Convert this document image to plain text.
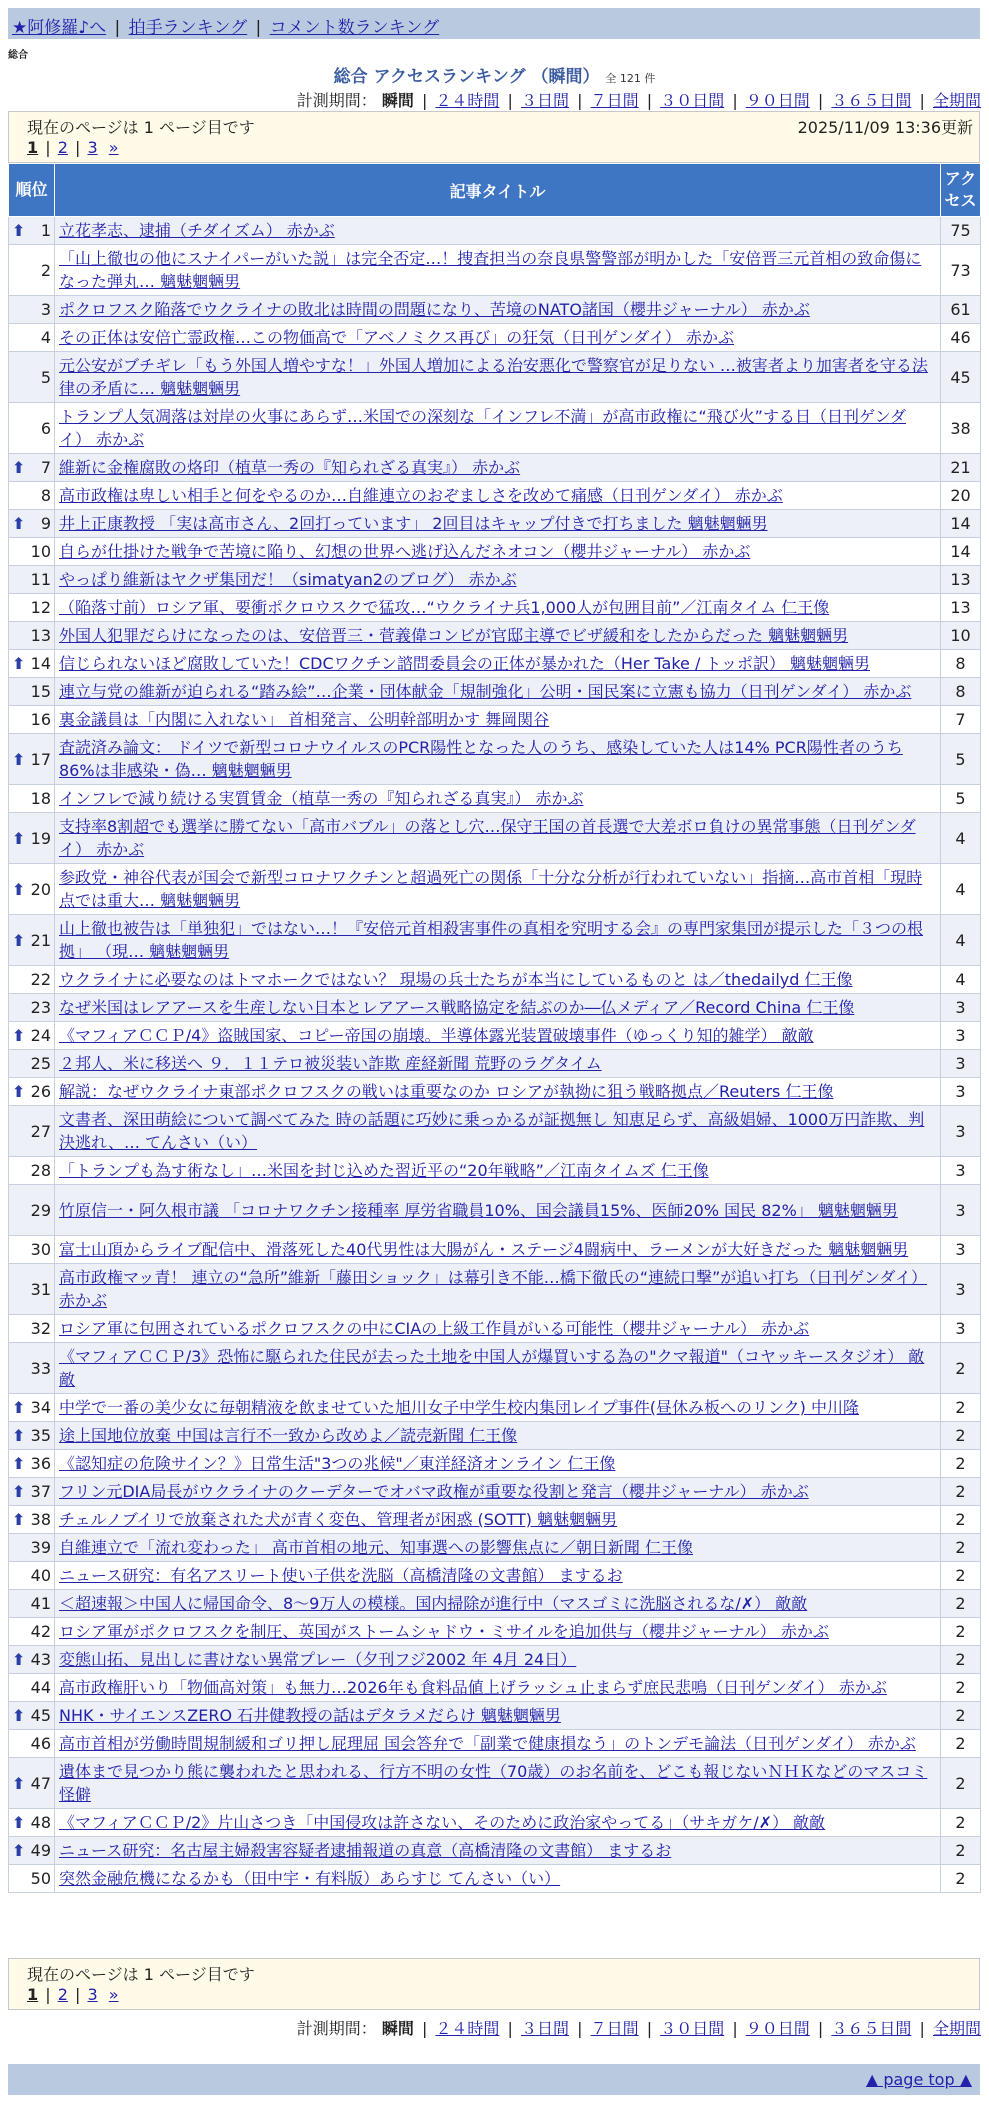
★阿修羅♪へ | 拍手ランキング | コメント数ランキング
総合
総合 アクセスランキング （瞬間） 全 121 件
計測期間： 瞬間 | ２４時間 | ３日間 | ７日間 | ３０日間 | ９０日間 | ３６５日間 | 全期間
現在のページは 1 ページ目です	2025/11/09 13:36更新
1 | 2 | 3 »
順位	記事タイトル	アクセス

⬆ 1	立花孝志、逮捕（チダイズム） 赤かぶ	75
2	「山上徹也の他にスナイパーがいた説」は完全否定…！捜査担当の奈良県警警部が明かした「安倍晋三元首相の致命傷になった弾丸… 魑魅魍魎男	73
3	ポクロフスク陥落でウクライナの敗北は時間の問題になり、苦境のNATO諸国（櫻井ジャーナル） 赤かぶ	61
4	その正体は安倍亡霊政権…この物価高で「アベノミクス再び」の狂気（日刊ゲンダイ） 赤かぶ	46
5	元公安がブチギレ「もう外国人増やすな！」外国人増加による治安悪化で警察官が足りない …被害者より加害者を守る法律の矛盾に… 魑魅魍魎男	45
6	トランプ人気凋落は対岸の火事にあらず…米国での深刻な「インフレ不満」が高市政権に“飛び火”する日（日刊ゲンダイ） 赤かぶ	38

⬆ 7	維新に金権腐敗の烙印（植草一秀の『知られざる真実』） 赤かぶ	21
8	高市政権は卑しい相手と何をやるのか…自維連立のおぞましさを改めて痛感（日刊ゲンダイ） 赤かぶ	20

⬆ 9	井上正康教授 「実は高市さん、2回打っています」 2回目はキャップ付きで打ちました 魑魅魍魎男	14
10	自らが仕掛けた戦争で苦境に陥り、幻想の世界へ逃げ込んだネオコン（櫻井ジャーナル） 赤かぶ	14
11	やっぱり維新はヤクザ集団だ！（simatyan2のブログ） 赤かぶ	13
12	（陥落寸前）ロシア軍、要衝ポクロウスクで猛攻…“ウクライナ兵1,000人が包囲目前”／江南タイム 仁王像	13
13	外国人犯罪だらけになったのは、安倍晋三・菅義偉コンビが官邸主導でビザ緩和をしたからだった 魑魅魍魎男	10

⬆ 14	信じられないほど腐敗していた！CDCワクチン諮問委員会の正体が暴かれた（Her Take / トッポ訳） 魑魅魍魎男	8
15	連立与党の維新が迫られる“踏み絵”…企業・団体献金「規制強化」公明・国民案に立憲も協力（日刊ゲンダイ） 赤かぶ	8
16	裏金議員は「内閣に入れない」 首相発言、公明幹部明かす 舞岡関谷	7

⬆ 17	査読済み論文： ドイツで新型コロナウイルスのPCR陽性となった人のうち、感染していた人は14% PCR陽性者のうち86%は非感染・偽… 魑魅魍魎男	5
18	インフレで減り続ける実質賃金（植草一秀の『知られざる真実』） 赤かぶ	5

⬆ 19	支持率8割超でも選挙に勝てない「高市バブル」の落とし穴…保守王国の首長選で大差ボロ負けの異常事態（日刊ゲンダイ） 赤かぶ	4

⬆ 20	参政党・神谷代表が国会で新型コロナワクチンと超過死亡の関係「十分な分析が行われていない」指摘…高市首相「現時点では重大… 魑魅魍魎男	4

⬆ 21	山上徹也被告は「単独犯」ではない…！『安倍元首相殺害事件の真相を究明する会』の専門家集団が提示した「３つの根拠」 （現… 魑魅魍魎男	4
22	ウクライナに必要なのはトマホークではない？ 現場の兵士たちが本当にしているものと は／thedailyd 仁王像	4
23	なぜ米国はレアアースを生産しない日本とレアアース戦略協定を結ぶのか―仏メディア／Record China 仁王像	3

⬆ 24	《マフィアＣＣＰ/4》盗賊国家、コピー帝国の崩壊。半導体露光装置破壊事件（ゆっくり知的雑学） 敵敵	3
25	２邦人、米に移送へ ９．１１テロ被災装い詐欺 産経新聞 荒野のラグタイム	3

⬆ 26	解説：なぜウクライナ東部ポクロフスクの戦いは重要なのか ロシアが執拗に狙う戦略拠点／Reuters 仁王像	3
27	文書者、深田萌絵について調べてみた 時の話題に巧妙に乗っかるが証拠無し 知恵足らず、高級娼婦、1000万円詐欺、判決逃れ、… てんさい（い）	3
28	「トランプも為す術なし」…米国を封じ込めた習近平の“20年戦略”／江南タイムズ 仁王像	3
29	竹原信一・阿久根市議 「コロナワクチン接種率 厚労省職員10%、国会議員15%、医師20% 国民 82%」 魑魅魍魎男	3
30	富士山頂からライブ配信中、滑落死した40代男性は大腸がん・ステージ4闘病中、ラーメンが大好きだった 魑魅魍魎男	3
31	高市政権マッ青！ 連立の“急所”維新「藤田ショック」は幕引き不能…橋下徹氏の“連続口撃”が追い打ち（日刊ゲンダイ） 赤かぶ	3
32	ロシア軍に包囲されているポクロフスクの中にCIAの上級工作員がいる可能性（櫻井ジャーナル） 赤かぶ	3
33	《マフィアＣＣＰ/3》恐怖に駆られた住民が去った土地を中国人が爆買いする為の"クマ報道"（コヤッキースタジオ） 敵敵	2

⬆ 34	中学で一番の美少女に毎朝精液を飲ませていた旭川女子中学生校内集団レイプ事件(昼休み板へのリンク) 中川隆	2

⬆ 35	途上国地位放棄 中国は言行不一致から改めよ／読売新聞 仁王像	2

⬆ 36	《認知症の危険サイン？》日常生活"3つの兆候"／東洋経済オンライン 仁王像	2

⬆ 37	フリン元DIA局長がウクライナのクーデターでオバマ政権が重要な役割と発言（櫻井ジャーナル） 赤かぶ	2

⬆ 38	チェルノブイリで放棄された犬が青く変色、管理者が困惑 (SOTT) 魑魅魍魎男	2
39	自維連立で「流れ変わった」 高市首相の地元、知事選への影響焦点に／朝日新聞 仁王像	2
40	ニュース研究：有名アスリート使い子供を洗脳（高橋清隆の文書館） まするお	2
41	＜超速報＞中国人に帰国命令、8～9万人の模様。国内掃除が進行中（マスゴミに洗脳されるな/✗） 敵敵	2
42	ロシア軍がポクロフスクを制圧、英国がストームシャドウ・ミサイルを追加供与（櫻井ジャーナル） 赤かぶ	2

⬆ 43	変態山拓、見出しに書けない異常プレー（夕刊フジ2002 年 4月 24日）	2
44	高市政権肝いり「物価高対策」も無力…2026年も食料品値上げラッシュ止まらず庶民悲鳴（日刊ゲンダイ） 赤かぶ	2

⬆ 45	NHK・サイエンスZERO 石井健教授の話はデタラメだらけ 魑魅魍魎男	2
46	高市首相が労働時間規制緩和ゴリ押し屁理屈 国会答弁で「副業で健康損なう」のトンデモ論法（日刊ゲンダイ） 赤かぶ	2

⬆ 47	遺体まで見つかり熊に襲われたと思われる、行方不明の女性（70歳）のお名前を、どこも報じないＮＨＫなどのマスコミ怪僻	2

⬆ 48	《マフィアＣＣＰ/2》片山さつき「中国侵攻は許さない、そのために政治家やってる」（サキガケ/✗） 敵敵	2

⬆ 49	ニュース研究：名古屋主婦殺害容疑者逮捕報道の真意（高橋清隆の文書館） まするお	2
50	突然金融危機になるかも（田中宇・有料版）あらすじ てんさい（い）	2
現在のページは 1 ページ目です
1 | 2 | 3 »
計測期間： 瞬間 | ２４時間 | ３日間 | ７日間 | ３０日間 | ９０日間 | ３６５日間 | 全期間
▲ page top ▲
